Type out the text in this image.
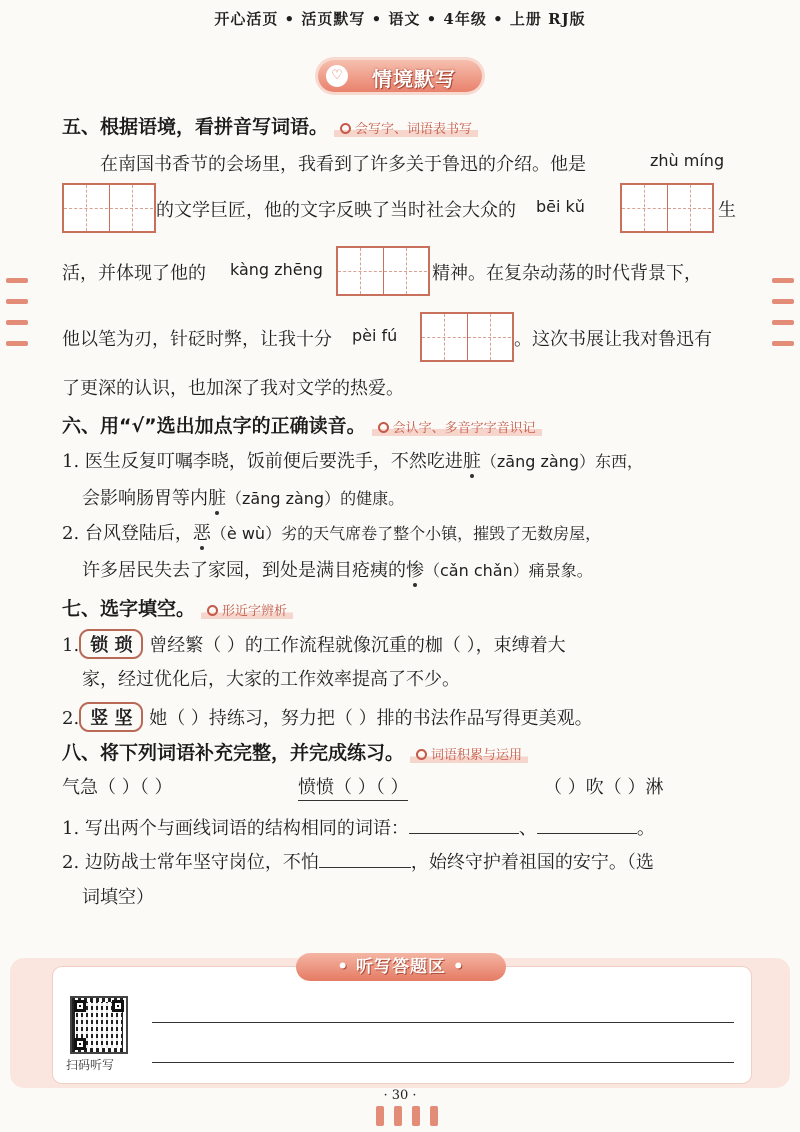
开心活页 • 活页默写 • 语文 • 4年级 • 上册 RJ版
♡	情境默写
五、根据语境，看拼音写词语。 会写字、词语表书写
在南国书香节的会场里，我看到了许多关于鲁迅的介绍。他是	zhù míng
的文学巨匠，他的文字反映了当时社会大众的 bēi kǔ	生
活，并体现了他的 kàng zhēng	精神。在复杂动荡的时代背景下，
他以笔为刃，针砭时弊，让我十分 pèi fú	。这次书展让我对鲁迅有
了更深的认识，也加深了我对文学的热爱。
六、用“√”选出加点字的正确读音。 会认字、多音字字音识记
1. 医生反复叮嘱李晓，饭前便后要洗手，不然吃进脏（zāng zàng）东西，
会影响肠胃等内脏（zāng zàng）的健康。
2. 台风登陆后，恶（è wù）劣的天气席卷了整个小镇，摧毁了无数房屋，
许多居民失去了家园，到处是满目疮痍的惨（cǎn chǎn）痛景象。
七、选字填空。 形近字辨析
1. 锁 琐 曾经繁（ ）的工作流程就像沉重的枷（ ），束缚着大
家，经过优化后，大家的工作效率提高了不少。
2. 竖 坚 她（ ）持练习，努力把（ ）排的书法作品写得更美观。
八、将下列词语补充完整，并完成练习。 词语积累与运用
气急（ ）（ ）	愤愤（ ）（ ）	（ ）吹（ ）淋
1. 写出两个与画线词语的结构相同的词语：	、	。
2. 边防战士常年坚守岗位，不怕	，始终守护着祖国的安宁。（选
词填空）
• 听写答题区 •
扫码听写
· 30 ·
